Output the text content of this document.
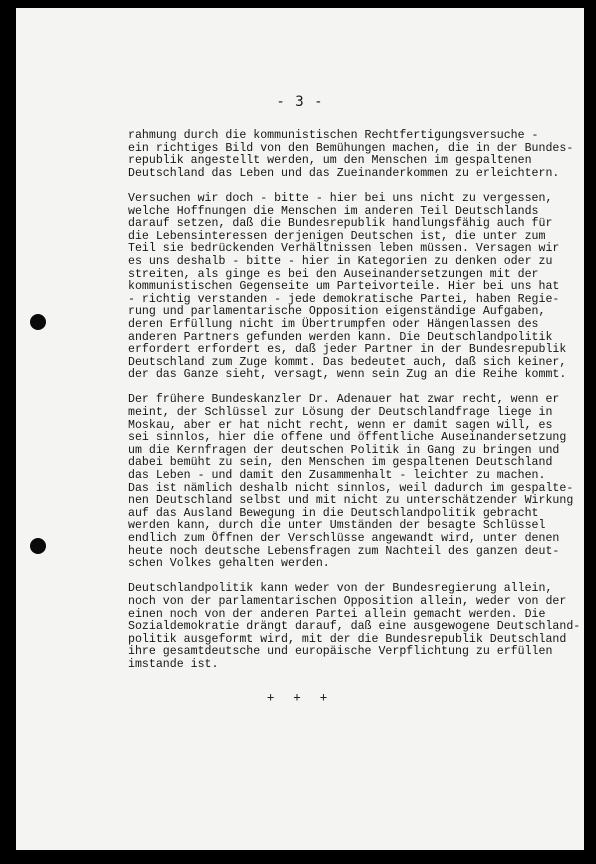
- 3 -
rahmung durch die kommunistischen Rechtfertigungsversuche -
ein richtiges Bild von den Bemühungen machen, die in der Bundes-
republik angestellt werden, um den Menschen im gespaltenen
Deutschland das Leben und das Zueinanderkommen zu erleichtern.
Versuchen wir doch - bitte - hier bei uns nicht zu vergessen,
welche Hoffnungen die Menschen im anderen Teil Deutschlands
darauf setzen, daß die Bundesrepublik handlungsfähig auch für
die Lebensinteressen derjenigen Deutschen ist, die unter zum
Teil sie bedrückenden Verhältnissen leben müssen. Versagen wir
es uns deshalb - bitte - hier in Kategorien zu denken oder zu
streiten, als ginge es bei den Auseinandersetzungen mit der
kommunistischen Gegenseite um Parteivorteile. Hier bei uns hat
- richtig verstanden - jede demokratische Partei, haben Regie-
rung und parlamentarische Opposition eigenständige Aufgaben,
deren Erfüllung nicht im Übertrumpfen oder Hängenlassen des
anderen Partners gefunden werden kann. Die Deutschlandpolitik
erfordert erfordert es, daß jeder Partner in der Bundesrepublik
Deutschland zum Zuge kommt. Das bedeutet auch, daß sich keiner,
der das Ganze sieht, versagt, wenn sein Zug an die Reihe kommt.
Der frühere Bundeskanzler Dr. Adenauer hat zwar recht, wenn er
meint, der Schlüssel zur Lösung der Deutschlandfrage liege in
Moskau, aber er hat nicht recht, wenn er damit sagen will, es
sei sinnlos, hier die offene und öffentliche Auseinandersetzung
um die Kernfragen der deutschen Politik in Gang zu bringen und
dabei bemüht zu sein, den Menschen im gespaltenen Deutschland
das Leben - und damit den Zusammenhalt - leichter zu machen.
Das ist nämlich deshalb nicht sinnlos, weil dadurch im gespalte-
nen Deutschland selbst und mit nicht zu unterschätzender Wirkung
auf das Ausland Bewegung in die Deutschlandpolitik gebracht
werden kann, durch die unter Umständen der besagte Schlüssel
endlich zum Öffnen der Verschlüsse angewandt wird, unter denen
heute noch deutsche Lebensfragen zum Nachteil des ganzen deut-
schen Volkes gehalten werden.
Deutschlandpolitik kann weder von der Bundesregierung allein,
noch von der parlamentarischen Opposition allein, weder von der
einen noch von der anderen Partei allein gemacht werden. Die
Sozialdemokratie drängt darauf, daß eine ausgewogene Deutschland-
politik ausgeformt wird, mit der die Bundesrepublik Deutschland
ihre gesamtdeutsche und europäische Verpflichtung zu erfüllen
imstande ist.
+ + +
